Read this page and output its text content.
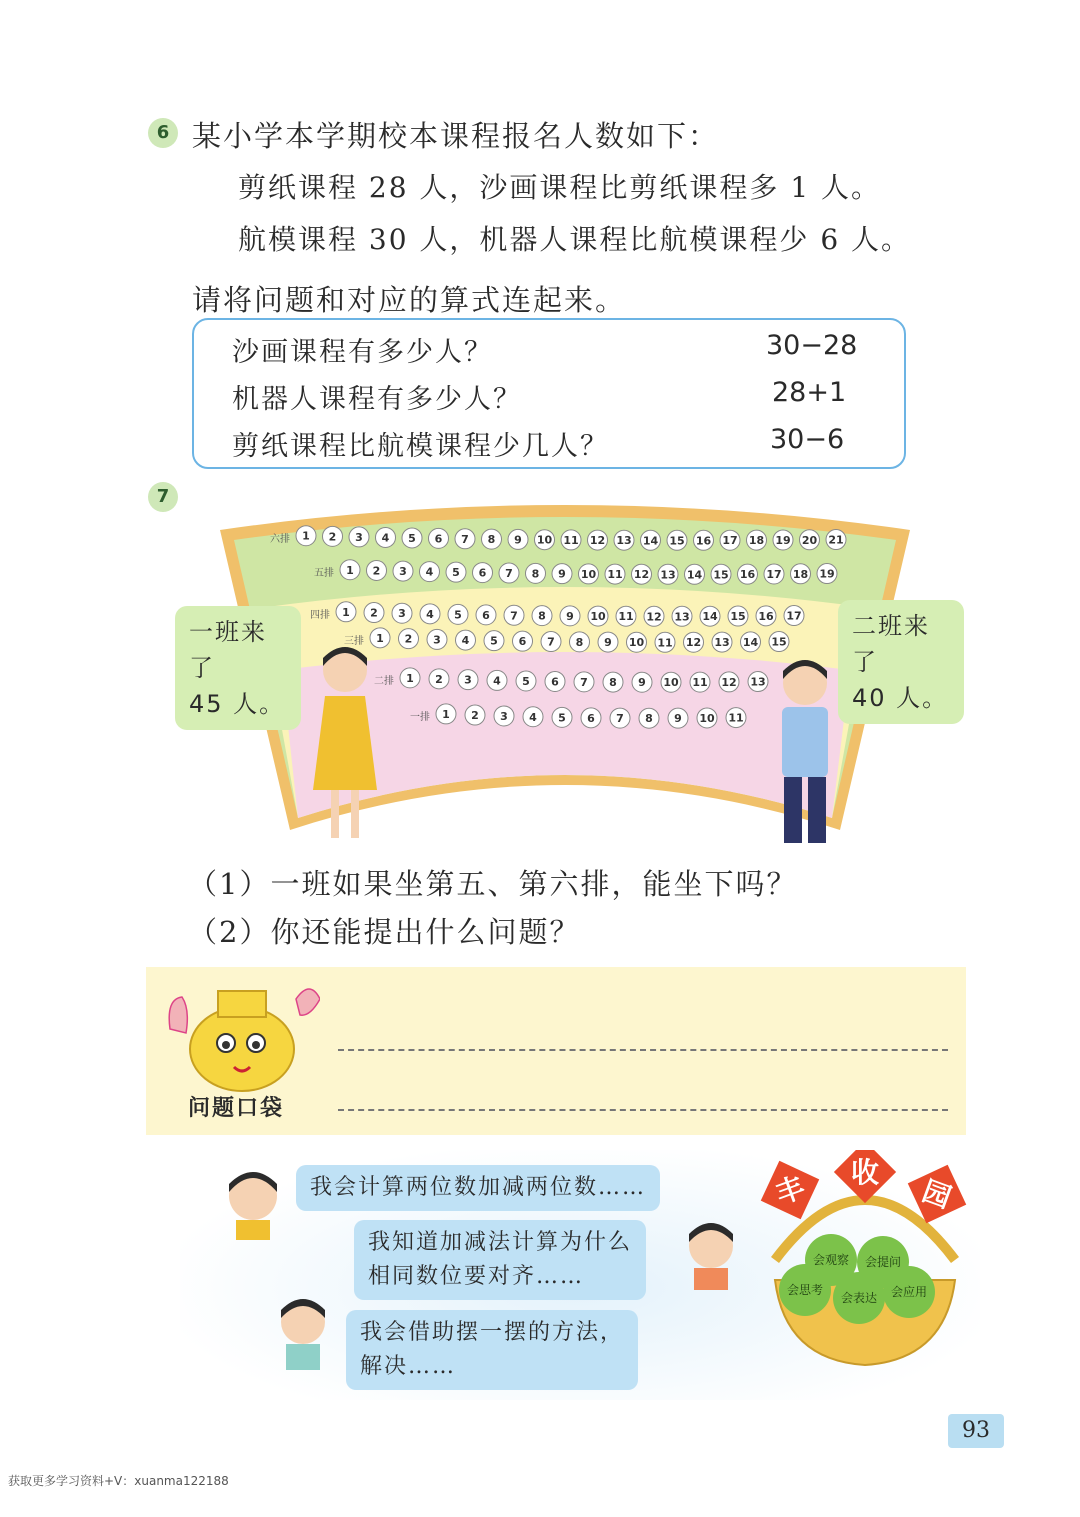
6 某小学本学期校本课程报名人数如下：
剪纸课程 28 人，沙画课程比剪纸课程多 1 人。
航模课程 30 人，机器人课程比航模课程少 6 人。
请将问题和对应的算式连起来。
沙画课程有多少人？
机器人课程有多少人？
剪纸课程比航模课程少几人？
30−28
28+1
30−6
7
六排 1 2 3 4 5 6 7 8 9 10 11 12 13 14 15 16 17 18 19 20 21
五排 1 2 3 4 5 6 7 8 9 10 11 12 13 14 15 16 17 18 19
四排 1 2 3 4 5 6 7 8 9 10 11 12 13 14 15 16 17
三排 1 2 3 4 5 6 7 8 9 10 11 12 13 14 15
二排 1 2 3 4 5 6 7 8 9 10 11 12 13
一排 1 2 3 4 5 6 7 8 9 10 11
一班来了
45 人。
二班来了
40 人。
（1）一班如果坐第五、第六排，能坐下吗？
（2）你还能提出什么问题？
问题口袋
我会计算两位数加减两位数……
我知道加减法计算为什么
相同数位要对齐……
我会借助摆一摆的方法，
解决……
会观察 会提问
会思考
会表达 会应用
丰 收
园
93
获取更多学习资料+V：xuanma122188
